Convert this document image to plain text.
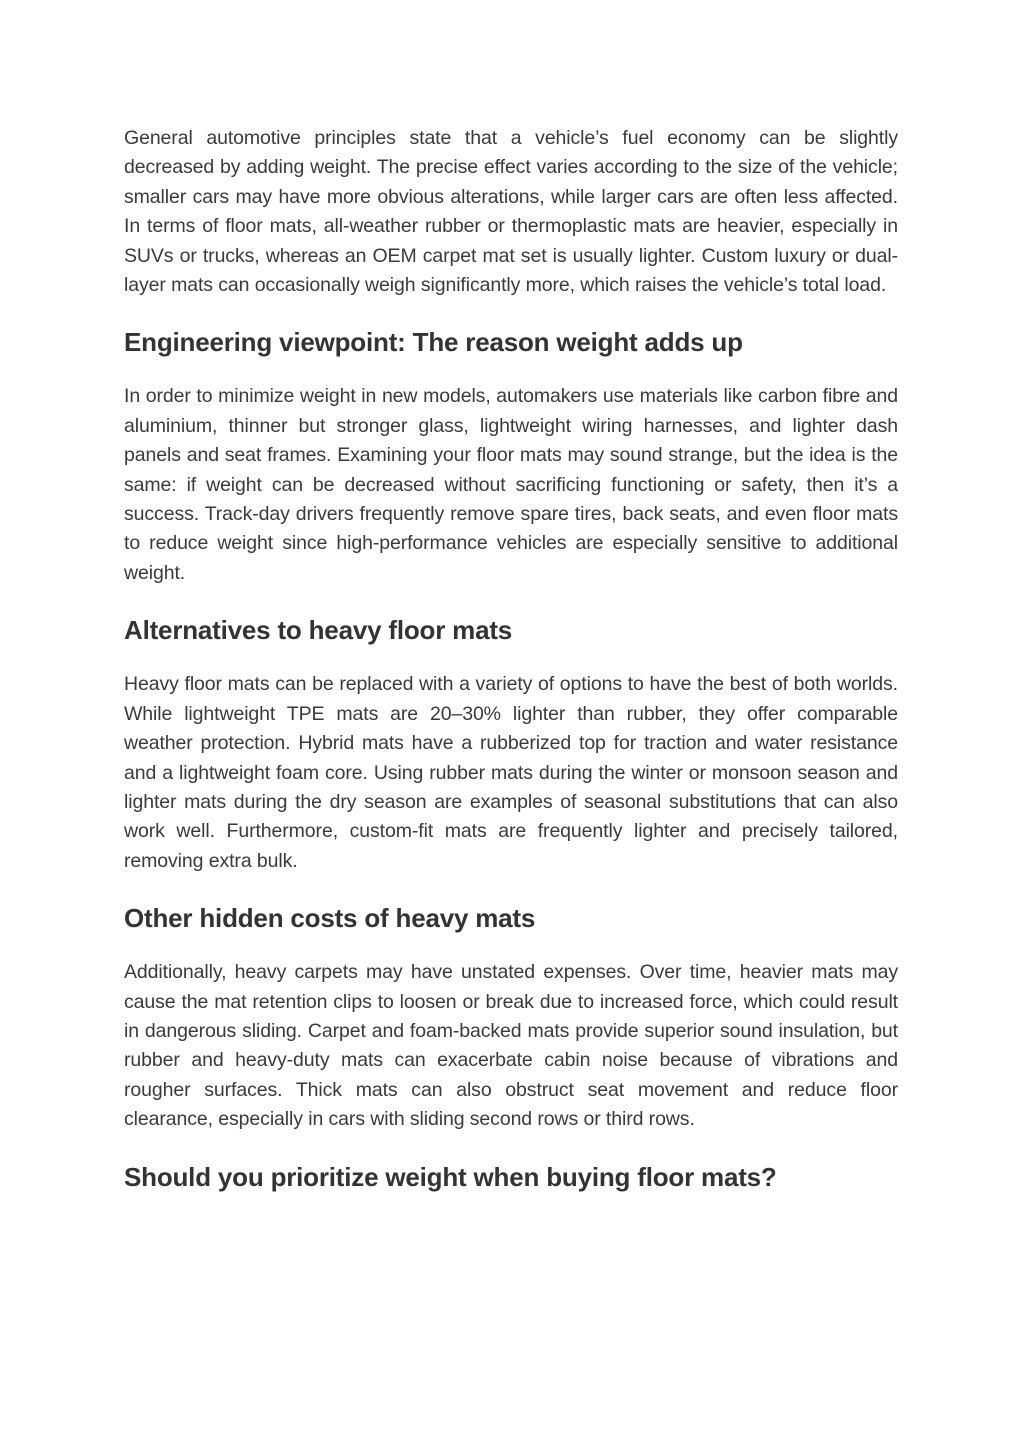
General automotive principles state that a vehicle’s fuel economy can be slightly decreased by adding weight. The precise effect varies according to the size of the vehicle; smaller cars may have more obvious alterations, while larger cars are often less affected. In terms of floor mats, all-weather rubber or thermoplastic mats are heavier, especially in SUVs or trucks, whereas an OEM carpet mat set is usually lighter. Custom luxury or dual-layer mats can occasionally weigh significantly more, which raises the vehicle’s total load.

Engineering viewpoint: The reason weight adds up

In order to minimize weight in new models, automakers use materials like carbon fibre and aluminium, thinner but stronger glass, lightweight wiring harnesses, and lighter dash panels and seat frames. Examining your floor mats may sound strange, but the idea is the same: if weight can be decreased without sacrificing functioning or safety, then it’s a success. Track-day drivers frequently remove spare tires, back seats, and even floor mats to reduce weight since high-performance vehicles are especially sensitive to additional weight.

Alternatives to heavy floor mats

Heavy floor mats can be replaced with a variety of options to have the best of both worlds. While lightweight TPE mats are 20–30% lighter than rubber, they offer comparable weather protection. Hybrid mats have a rubberized top for traction and water resistance and a lightweight foam core. Using rubber mats during the winter or monsoon season and lighter mats during the dry season are examples of seasonal substitutions that can also work well. Furthermore, custom-fit mats are frequently lighter and precisely tailored, removing extra bulk.

Other hidden costs of heavy mats

Additionally, heavy carpets may have unstated expenses. Over time, heavier mats may cause the mat retention clips to loosen or break due to increased force, which could result in dangerous sliding. Carpet and foam-backed mats provide superior sound insulation, but rubber and heavy-duty mats can exacerbate cabin noise because of vibrations and rougher surfaces. Thick mats can also obstruct seat movement and reduce floor clearance, especially in cars with sliding second rows or third rows.

Should you prioritize weight when buying floor mats?
